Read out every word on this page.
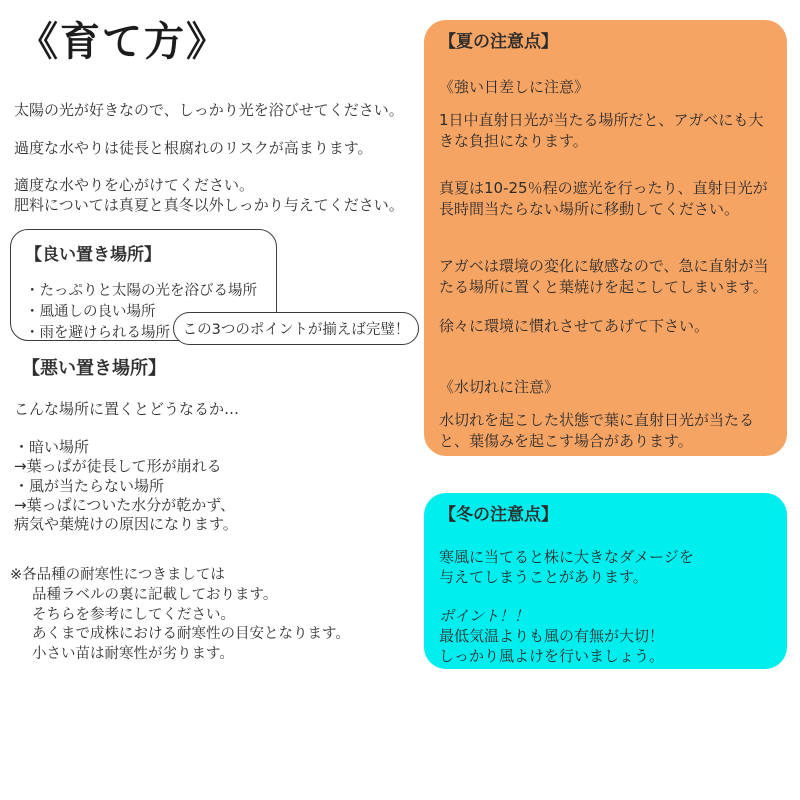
《育て方》
太陽の光が好きなので、しっかり光を浴びせてください。
過度な水やりは徒長と根腐れのリスクが高まります。
適度な水やりを心がけてください。
肥料については真夏と真冬以外しっかり与えてください。
【良い置き場所】
・たっぷりと太陽の光を浴びる場所
・風通しの良い場所
・雨を避けられる場所 この3つのポイントが揃えば完璧！
【悪い置き場所】
こんな場所に置くとどうなるか…
・暗い場所
→葉っぱが徒長して形が崩れる
・風が当たらない場所
→葉っぱについた水分が乾かず、
病気や葉焼けの原因になります。
※各品種の耐寒性につきましては
品種ラベルの裏に記載しております。
そちらを参考にしてください。
あくまで成株における耐寒性の目安となります。
小さい苗は耐寒性が劣ります。
【夏の注意点】
《強い日差しに注意》
1日中直射日光が当たる場所だと、アガベにも大きな負担になります。
真夏は10-25％程の遮光を行ったり、直射日光が長時間当たらない場所に移動してください。
アガベは環境の変化に敏感なので、急に直射が当たる場所に置くと葉焼けを起こしてしまいます。
徐々に環境に慣れさせてあげて下さい。
《水切れに注意》
水切れを起こした状態で葉に直射日光が当たると、葉傷みを起こす場合があります。
【冬の注意点】
寒風に当てると株に大きなダメージを
与えてしまうことがあります。
ポイント！！
最低気温よりも風の有無が大切！
しっかり風よけを行いましょう。
